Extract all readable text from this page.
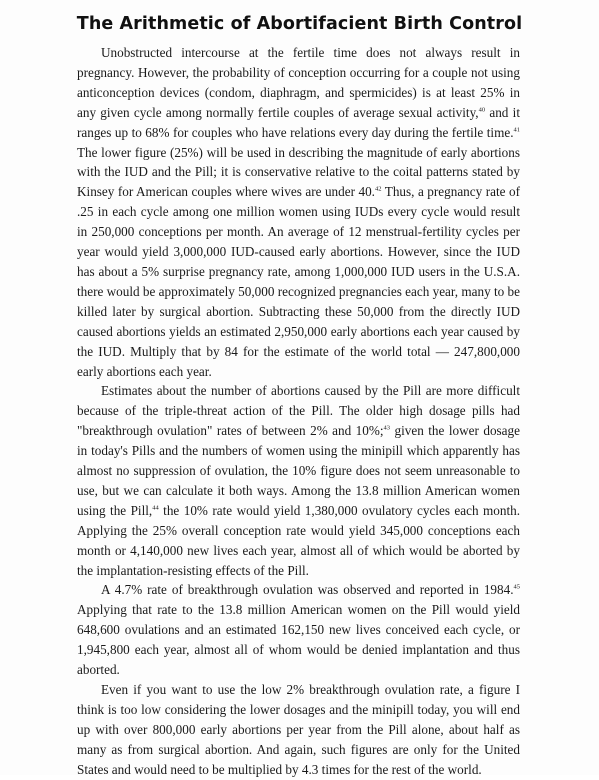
The Arithmetic of Abortifacient Birth Control

Unobstructed intercourse at the fertile time does not always result in pregnancy. However, the probability of conception occurring for a couple not using anticonception devices (condom, diaphragm, and spermicides) is at least 25% in any given cycle among normally fertile couples of average sexual activity,$^{40}$ and it ranges up to 68% for couples who have relations every day during the fertile time.$^{41}$ The lower figure (25%) will be used in describing the magnitude of early abortions with the IUD and the Pill; it is conservative relative to the coital patterns stated by Kinsey for American couples where wives are under 40.42 Thus, a pregnancy rate of .25 in each cycle among one million women using IUDs every cycle would result in 250,000 conceptions per month. An average of 12 menstrual-fertility cycles per year would yield 3,000,000 IUD-caused early abortions. However, since the IUD has about a 5% surprise pregnancy rate, among 1,000,000 IUD users in the U.S.A. there would be approximately 50,000 recognized pregnancies each year, many to be killed later by surgical abortion. Subtracting these 50,000 from the directly IUD caused abortions yields an estimated 2,950,000 early abortions each year caused by the IUD. Multiply that by 84 for the estimate of the world total — 247,800,000 early abortions each year.

Estimates about the number of abortions caused by the Pill are more difficult because of the triple-threat action of the Pill. The older high dosage pills had "breakthrough ovulation" rates of between 2% and 10%;$^{43}$ given the lower dosage in today's Pills and the numbers of women using the minipill which apparently has almost no suppression of ovulation, the 10% figure does not seem unreasonable to use, but we can calculate it both ways. Among the 13.8 million American women using the Pill,$^{44}$ the 10% rate would yield 1,380,000 ovulatory cycles each month. Applying the 25% overall conception rate would yield 345,000 conceptions each month or 4,140,000 new lives each year, almost all of which would be aborted by the implantation-resisting effects of the Pill.

A 4.7% rate of breakthrough ovulation was observed and reported in 1984.45 Applying that rate to the 13.8 million American women on the Pill would yield 648,600 ovulations and an estimated 162,150 new lives conceived each cycle, or 1,945,800 each year, almost all of whom would be denied implantation and thus aborted.

Even if you want to use the low 2% breakthrough ovulation rate, a figure I think is too low considering the lower dosages and the minipill today, you will end up with over 800,000 early abortions per year from the Pill alone, about half as many as from surgical abortion. And again, such figures are only for the United States and would need to be multiplied by 4.3 times for the rest of the world.
